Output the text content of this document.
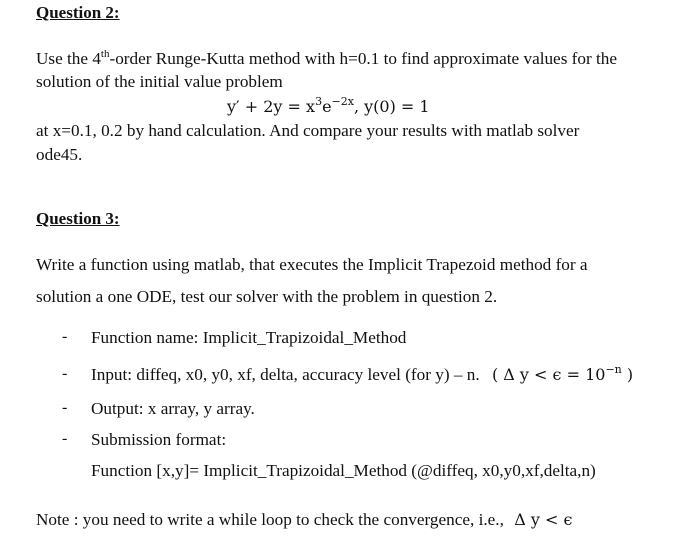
Question 2:
Use the 4th-order Runge-Kutta method with h=0.1 to find approximate values for the
solution of the initial value problem
$y' + 2y = x^3e^{-2x}$, y(0) = 1
at x=0.1, 0.2 by hand calculation. And compare your results with matlab solver
ode45.
Question 3:
Write a function using matlab, that executes the Implicit Trapezoid method for a
solution a one ODE, test our solver with the problem in question 2.
- Function name: Implicit_Trapizoidal_Method
- Input: diffeq, x0, y0, xf, delta, accuracy level (for y) – n. ( Δ $y < \epsilon = 10^{-n}$ )
- Output: x array, y array.
- Submission format:
Function [x,y]= Implicit_Trapizoidal_Method (@diffeq, x0,y0,xf,delta,n)
Note : you need to write a while loop to check the convergence, i.e., Δ y < ϵ
